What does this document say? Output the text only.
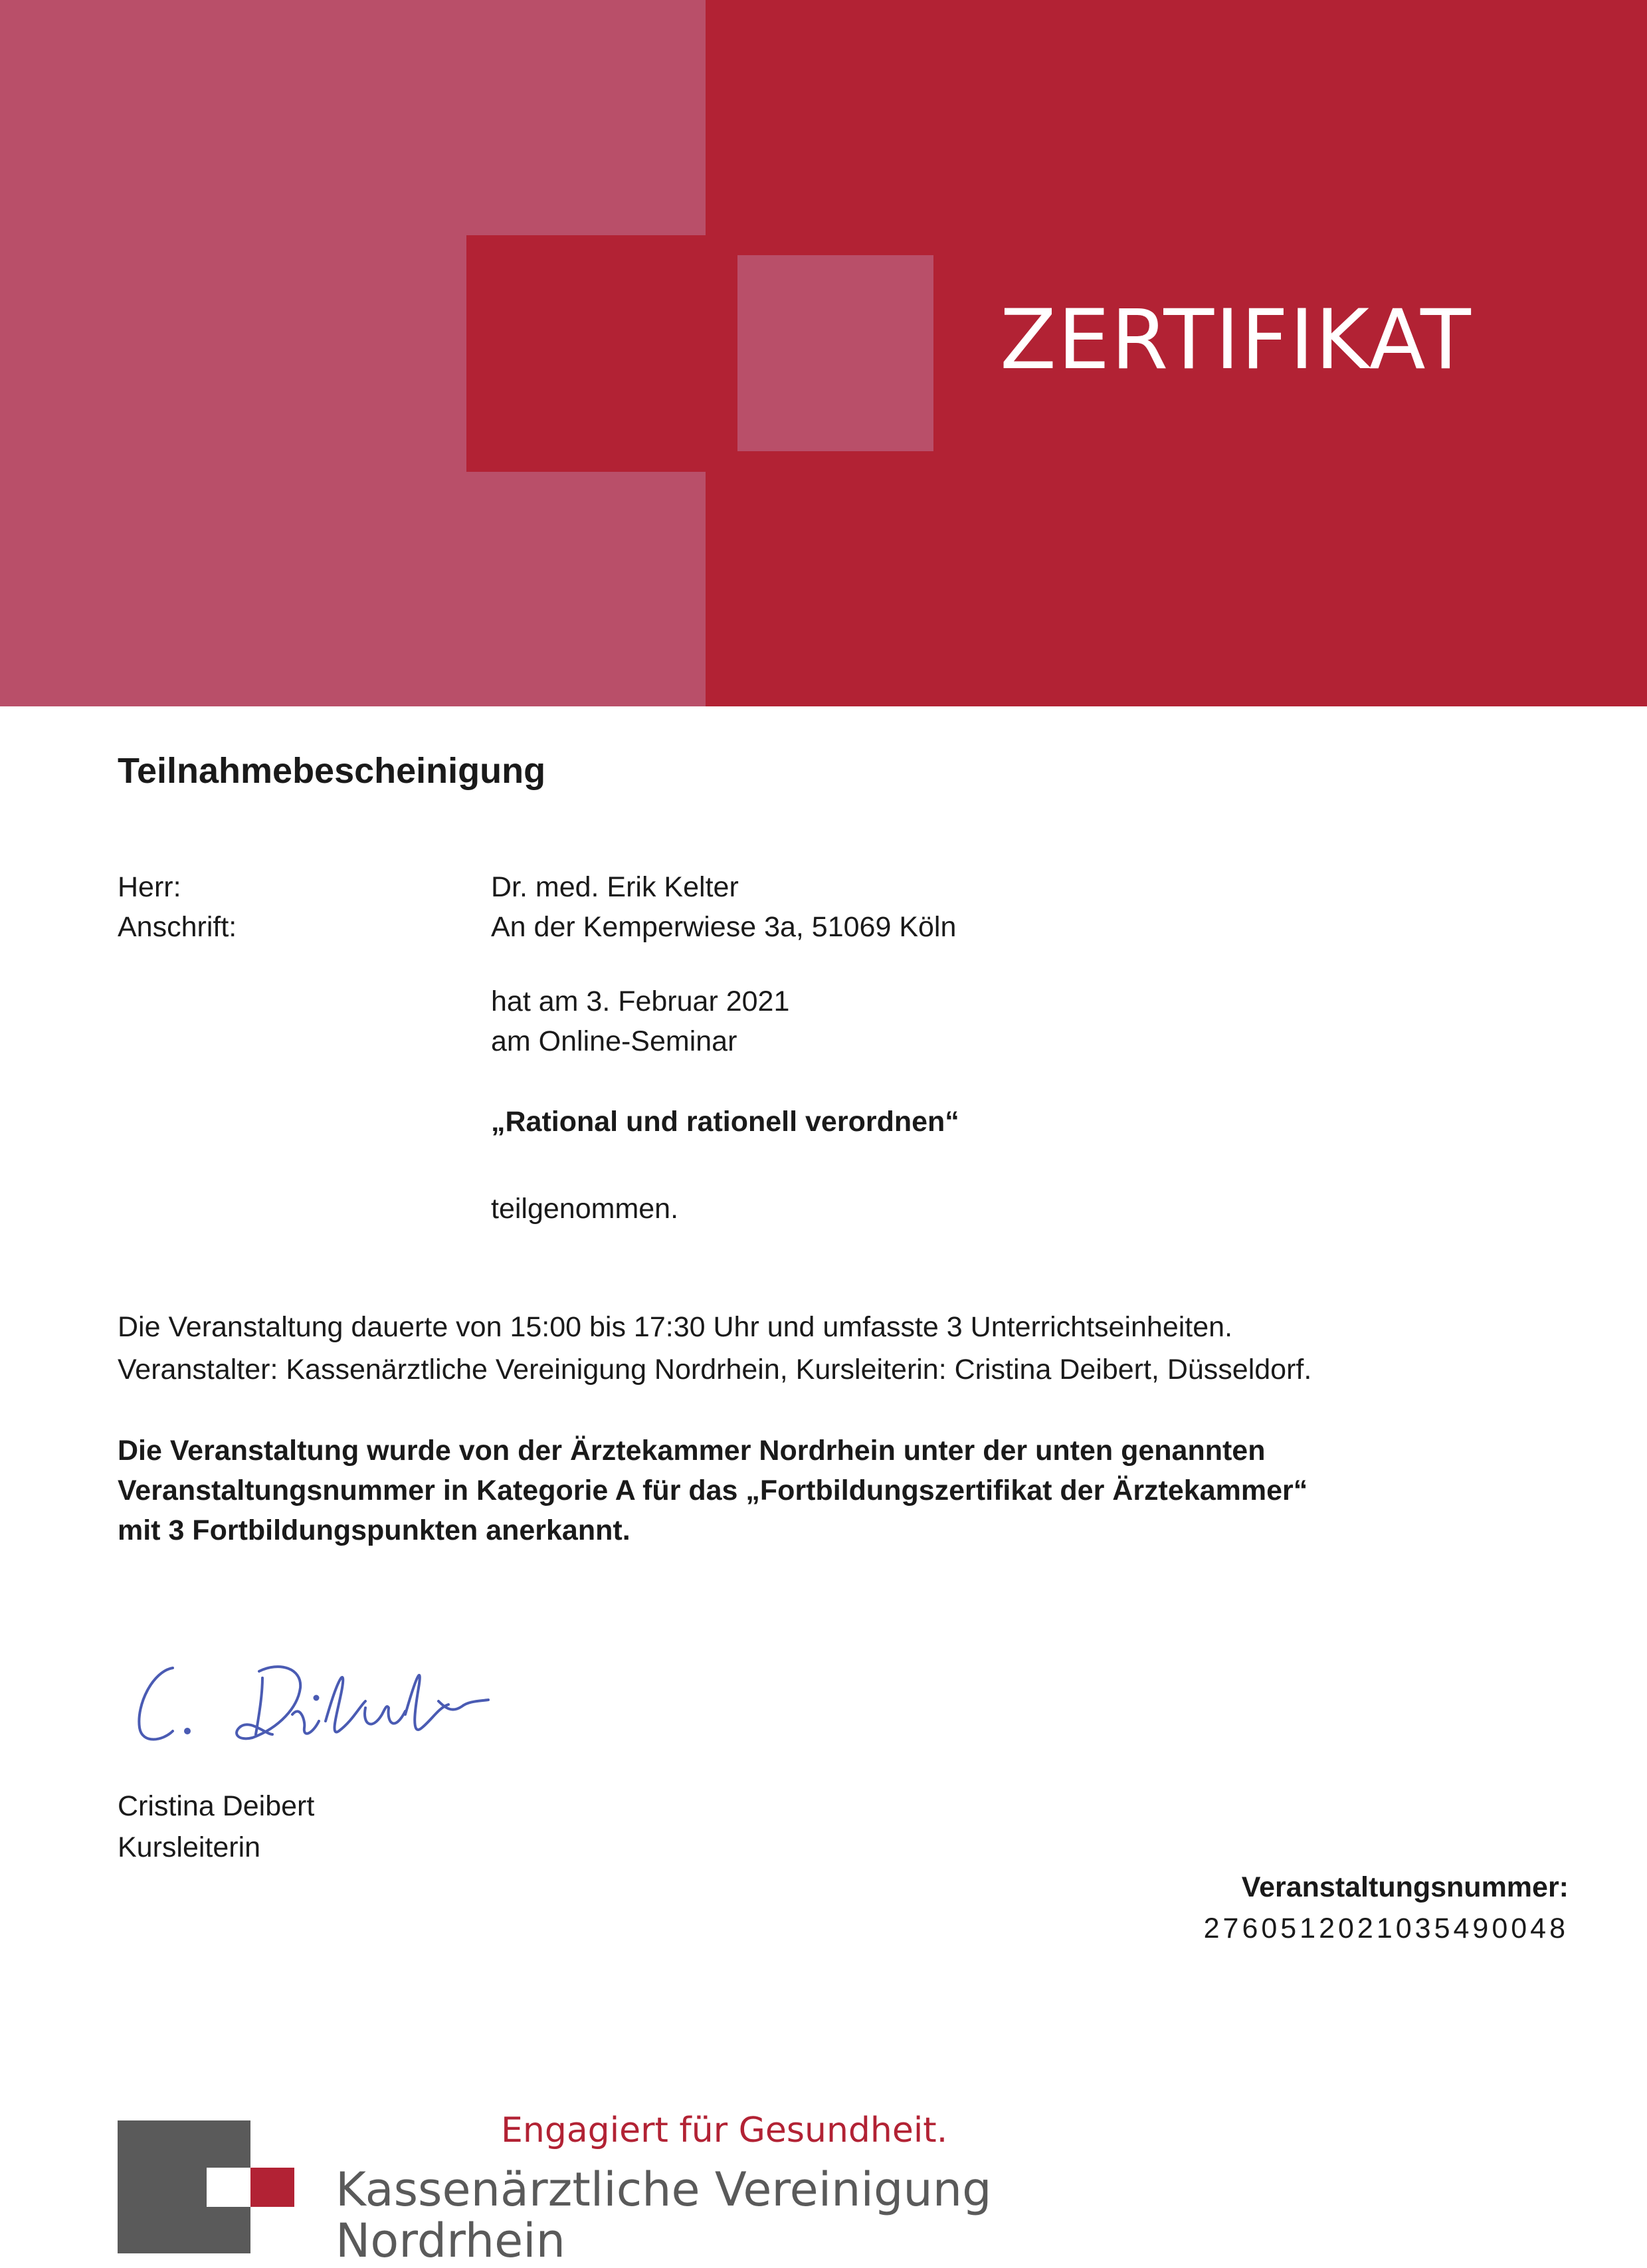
ZERTIFIKAT
Teilnahmebescheinigung
Herr:	Dr. med. Erik Kelter
Anschrift:	An der Kemperwiese 3a, 51069 Köln
hat am 3. Februar 2021
am Online-Seminar
„Rational und rationell verordnen“
teilgenommen.
Die Veranstaltung dauerte von 15:00 bis 17:30 Uhr und umfasste 3 Unterrichtseinheiten.
Veranstalter: Kassenärztliche Vereinigung Nordrhein, Kursleiterin: Cristina Deibert, Düsseldorf.
Die Veranstaltung wurde von der Ärztekammer Nordrhein unter der unten genannten
Veranstaltungsnummer in Kategorie A für das „Fortbildungszertifikat der Ärztekammer“
mit 3 Fortbildungspunkten anerkannt.
Cristina Deibert
Kursleiterin
Veranstaltungsnummer:
2760512021035490048
Engagiert für Gesundheit.
Kassenärztliche Vereinigung
Nordrhein
